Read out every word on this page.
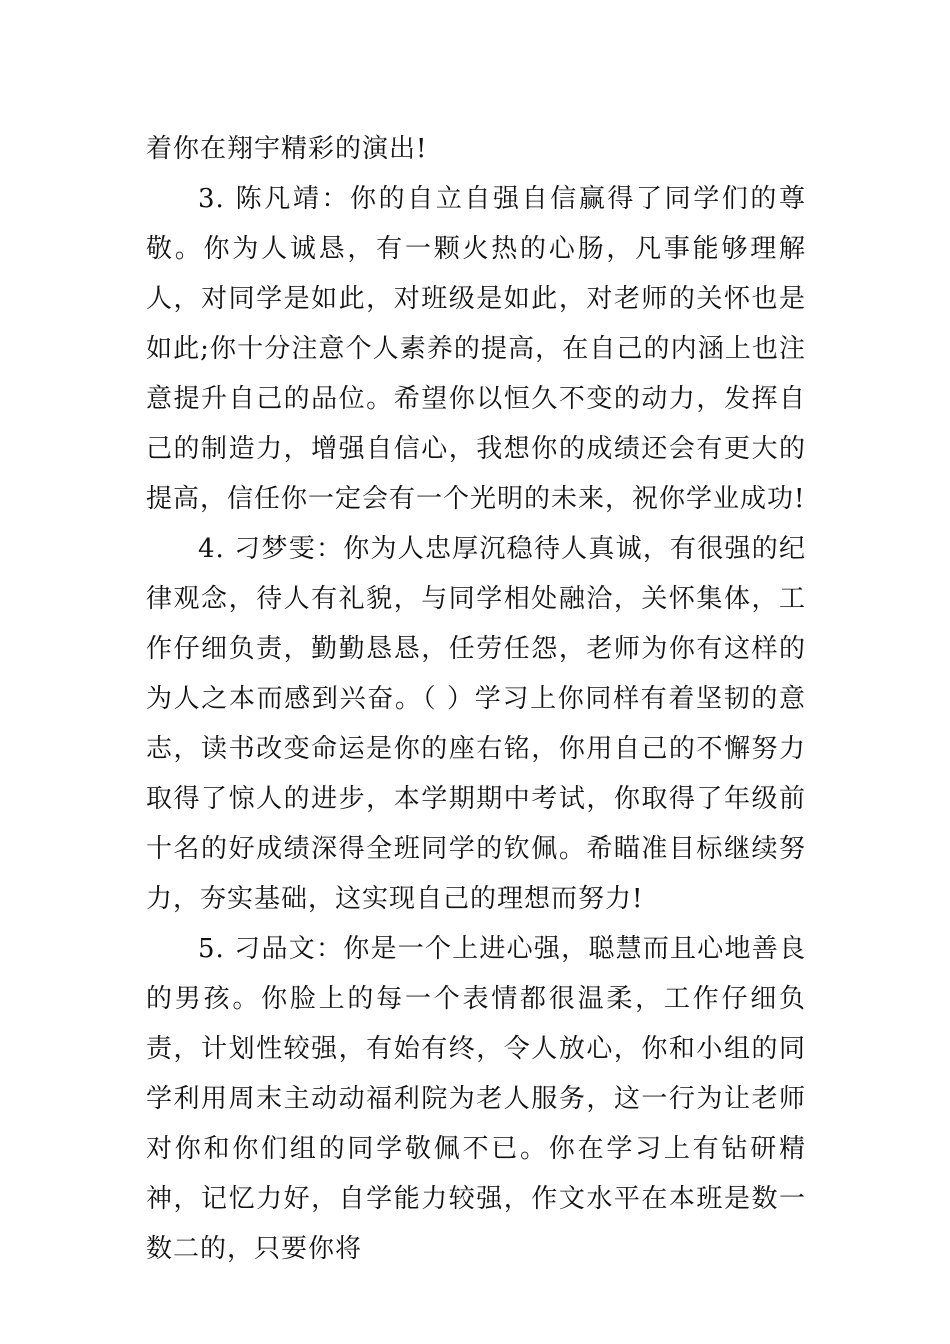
着你在翔宇精彩的演出!

3. 陈凡靖：你的自立自强自信赢得了同学们的尊敬。你为人诚恳，有一颗火热的心肠，凡事能够理解人，对同学是如此，对班级是如此，对老师的关怀也是如此;你十分注意个人素养的提高，在自己的内涵上也注意提升自己的品位。希望你以恒久不变的动力，发挥自己的制造力，增强自信心，我想你的成绩还会有更大的提高，信任你一定会有一个光明的未来，祝你学业成功!

4. 刁梦雯：你为人忠厚沉稳待人真诚，有很强的纪律观念，待人有礼貌，与同学相处融洽，关怀集体，工作仔细负责，勤勤恳恳，任劳任怨，老师为你有这样的为人之本而感到兴奋。（ ）学习上你同样有着坚韧的意志，读书改变命运是你的座右铭，你用自己的不懈努力取得了惊人的进步，本学期期中考试，你取得了年级前十名的好成绩深得全班同学的钦佩。希瞄准目标继续努力，夯实基础，这实现自己的理想而努力!

5. 刁品文：你是一个上进心强，聪慧而且心地善良的男孩。你脸上的每一个表情都很温柔，工作仔细负责，计划性较强，有始有终，令人放心，你和小组的同学利用周末主动动福利院为老人服务，这一行为让老师对你和你们组的同学敬佩不已。你在学习上有钻研精神，记忆力好，自学能力较强，作文水平在本班是数一数二的，只要你将
